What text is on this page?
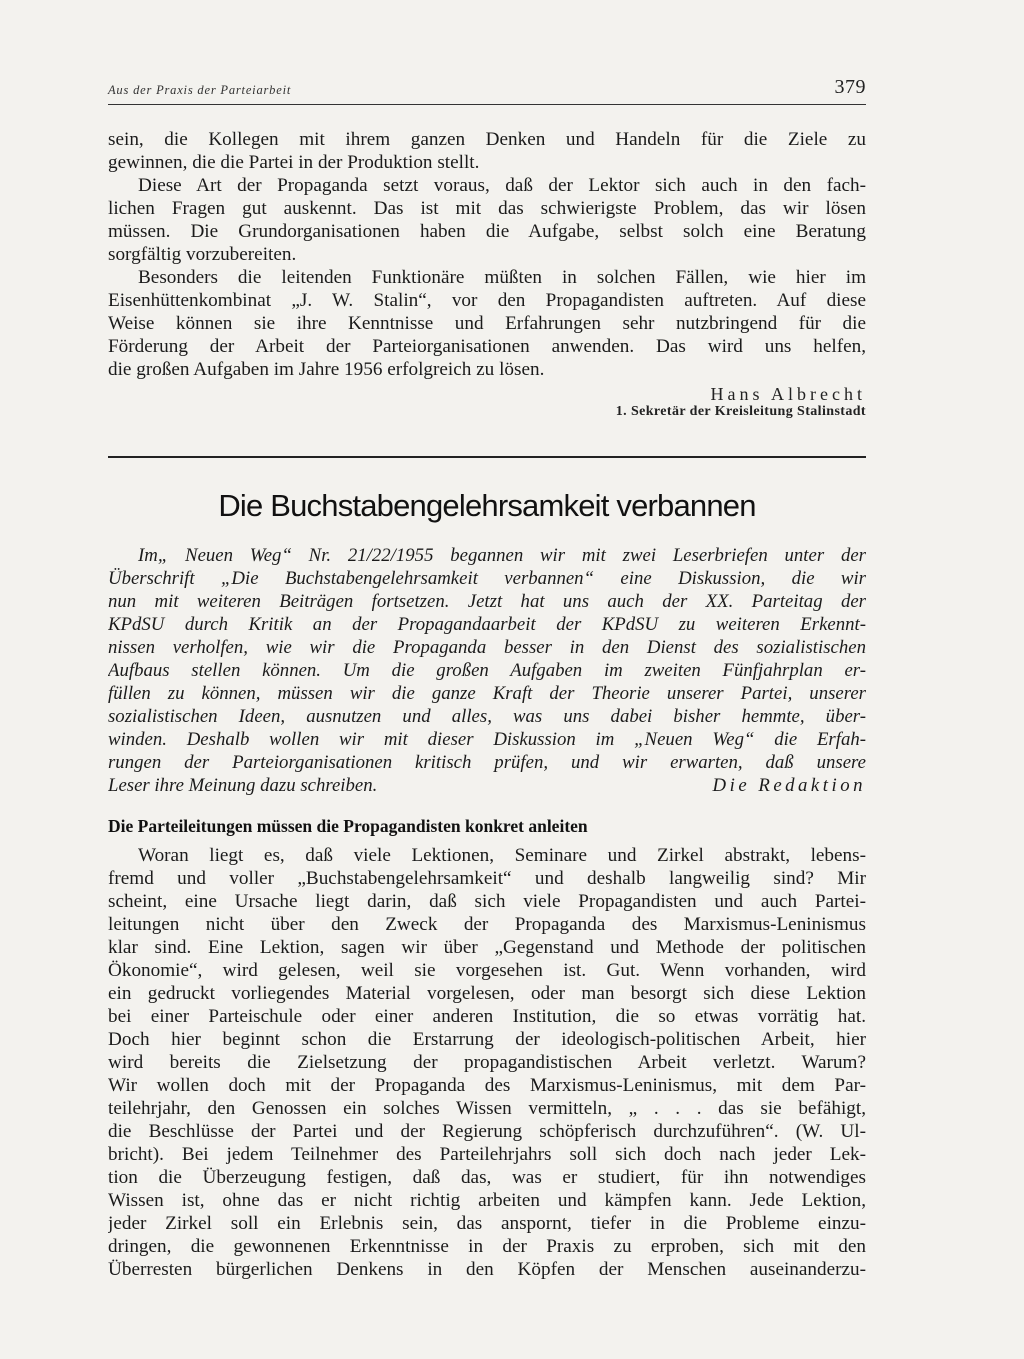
Aus der Praxis der Parteiarbeit	379
sein, die Kollegen mit ihrem ganzen Denken und Handeln für die Ziele zu
gewinnen, die die Partei in der Produktion stellt.
Diese Art der Propaganda setzt voraus, daß der Lektor sich auch in den fach-
lichen Fragen gut auskennt. Das ist mit das schwierigste Problem, das wir lösen
müssen. Die Grundorganisationen haben die Aufgabe, selbst solch eine Beratung
sorgfältig vorzubereiten.
Besonders die leitenden Funktionäre müßten in solchen Fällen, wie hier im
Eisenhüttenkombinat „J. W. Stalin“, vor den Propagandisten auftreten. Auf diese
Weise können sie ihre Kenntnisse und Erfahrungen sehr nutzbringend für die
Förderung der Arbeit der Parteiorganisationen anwenden. Das wird uns helfen,
die großen Aufgaben im Jahre 1956 erfolgreich zu lösen.
Hans Albrecht
1. Sekretär der Kreisleitung Stalinstadt
Die Buchstabengelehrsamkeit verbannen
Im„ Neuen Weg“ Nr. 21/22/1955 begannen wir mit zwei Leserbriefen unter der
Überschrift „Die Buchstabengelehrsamkeit verbannen“ eine Diskussion, die wir
nun mit weiteren Beiträgen fortsetzen. Jetzt hat uns auch der XX. Parteitag der
KPdSU durch Kritik an der Propagandaarbeit der KPdSU zu weiteren Erkennt-
nissen verholfen, wie wir die Propaganda besser in den Dienst des sozialistischen
Aufbaus stellen können. Um die großen Aufgaben im zweiten Fünfjahrplan er-
füllen zu können, müssen wir die ganze Kraft der Theorie unserer Partei, unserer
sozialistischen Ideen, ausnutzen und alles, was uns dabei bisher hemmte, über-
winden. Deshalb wollen wir mit dieser Diskussion im „Neuen Weg“ die Erfah-
rungen der Parteiorganisationen kritisch prüfen, und wir erwarten, daß unsere
Leser ihre Meinung dazu schreiben.	Die Redaktion
Die Parteileitungen müssen die Propagandisten konkret anleiten
Woran liegt es, daß viele Lektionen, Seminare und Zirkel abstrakt, lebens-
fremd und voller „Buchstabengelehrsamkeit“ und deshalb langweilig sind? Mir
scheint, eine Ursache liegt darin, daß sich viele Propagandisten und auch Partei-
leitungen nicht über den Zweck der Propaganda des Marxismus-Leninismus
klar sind. Eine Lektion, sagen wir über „Gegenstand und Methode der politischen
Ökonomie“, wird gelesen, weil sie vorgesehen ist. Gut. Wenn vorhanden, wird
ein gedruckt vorliegendes Material vorgelesen, oder man besorgt sich diese Lektion
bei einer Parteischule oder einer anderen Institution, die so etwas vorrätig hat.
Doch hier beginnt schon die Erstarrung der ideologisch-politischen Arbeit, hier
wird bereits die Zielsetzung der propagandistischen Arbeit verletzt. Warum?
Wir wollen doch mit der Propaganda des Marxismus-Leninismus, mit dem Par-
teilehrjahr, den Genossen ein solches Wissen vermitteln, „ . . . das sie befähigt,
die Beschlüsse der Partei und der Regierung schöpferisch durchzuführen“. (W. Ul-
bricht). Bei jedem Teilnehmer des Parteilehrjahrs soll sich doch nach jeder Lek-
tion die Überzeugung festigen, daß das, was er studiert, für ihn notwendiges
Wissen ist, ohne das er nicht richtig arbeiten und kämpfen kann. Jede Lektion,
jeder Zirkel soll ein Erlebnis sein, das anspornt, tiefer in die Probleme einzu-
dringen, die gewonnenen Erkenntnisse in der Praxis zu erproben, sich mit den
Überresten bürgerlichen Denkens in den Köpfen der Menschen auseinanderzu-
